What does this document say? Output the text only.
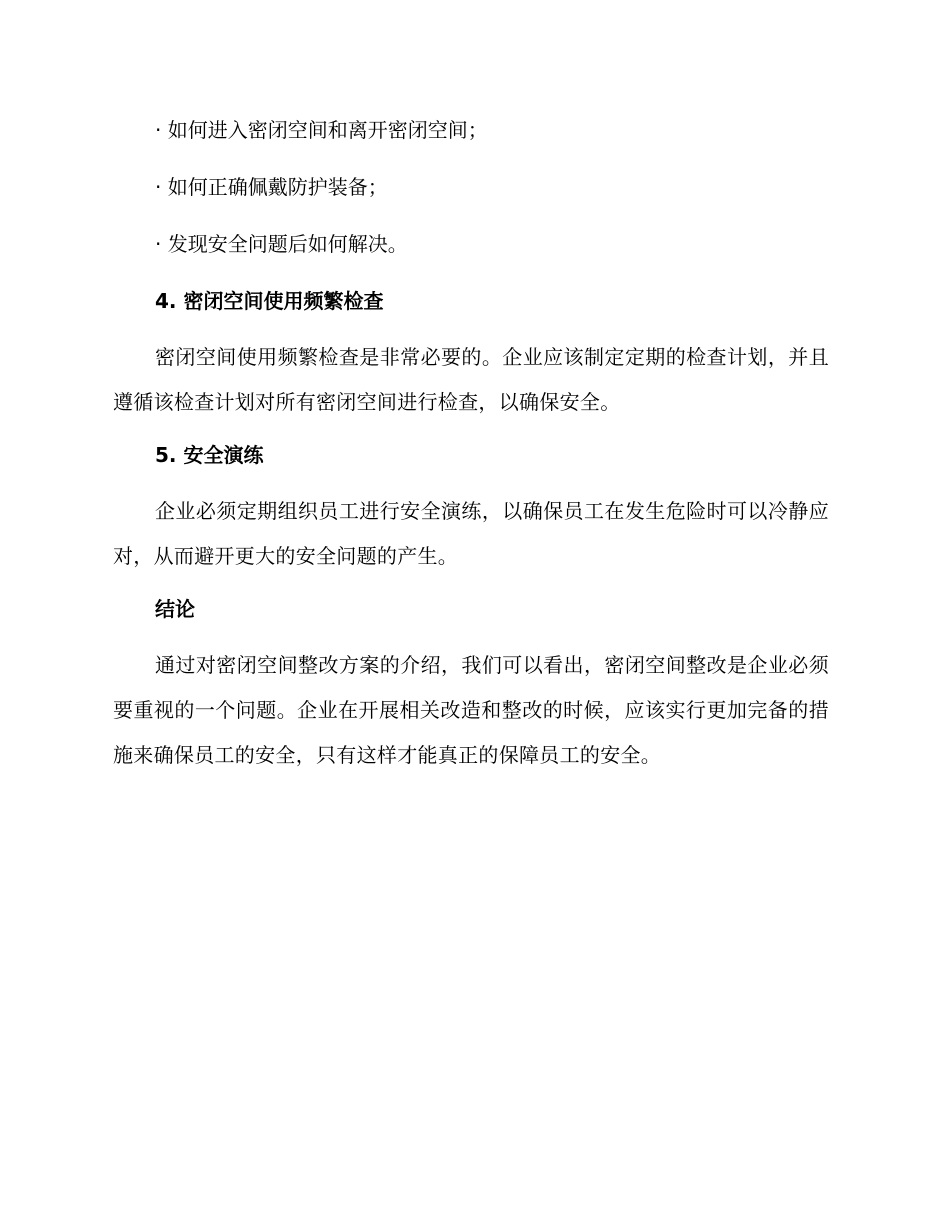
· 如何进入密闭空间和离开密闭空间；
· 如何正确佩戴防护装备；
· 发现安全问题后如何解决。
4. 密闭空间使用频繁检查

密闭空间使用频繁检查是非常必要的。企业应该制定定期的检查计划，并且遵循该检查计划对所有密闭空间进行检查，以确保安全。

5. 安全演练

企业必须定期组织员工进行安全演练，以确保员工在发生危险时可以冷静应对，从而避开更大的安全问题的产生。

结论

通过对密闭空间整改方案的介绍，我们可以看出，密闭空间整改是企业必须要重视的一个问题。企业在开展相关改造和整改的时候，应该实行更加完备的措施来确保员工的安全，只有这样才能真正的保障员工的安全。
